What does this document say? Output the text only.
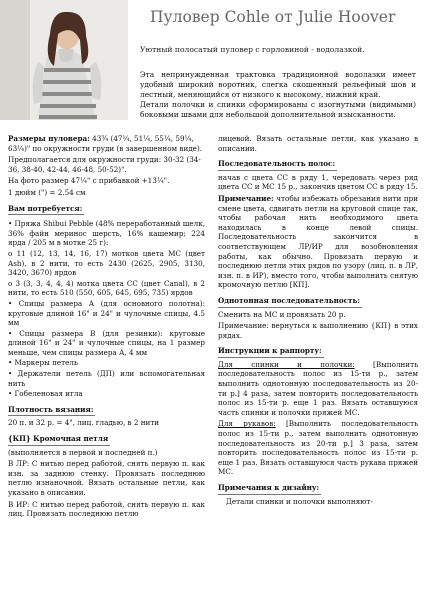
Пуловер Cohle от Julie Hoover
Уютный полосатый пуловер с горловиной - водолазкой.

Эта непринужденная трактовка традиционной водолазки имеет удобный широкий воротник, слегка скошенный рельефный шов и лестный, меняющийся от низкого к высокому, нижний край.

Детали полочки и спинки сформированы с изогнутыми (видимыми) боковыми швами для небольшой дополнительной изысканности.

Размеры пуловера: 43¾ (47¼, 51¼, 55¼, 59¼, 63¼)" по окружности груди (в завершенном виде).

Предполагается для окружности груди: 30-32 (34-36, 38-40, 42-44, 46-48, 50-52)".

На фото размер 47¼" с прибавкой +13¼".

1 дюйм (") = 2.54 см

Вам потребуется:

• Пряжа Shibui Pebble (48% переработанный шелк, 36% файн меринос шерсть, 16% кашемир; 224 ярда / 205 м в мотке 25 г):
о 11 (12, 13, 14, 16, 17) мотков цвета МС (цвет Ash), в 2 нити, то есть 2430 (2625, 2905, 3130, 3420, 3670) ярдов
о 3 (3, 3, 4, 4, 4) мотка цвета СС (цвет Canal), в 2 нити, то есть 510 (550, 605, 645, 695, 735) ярдов
• Спицы размера А (для основного полотна): круговые длиной 16" и 24" и чулочные спицы, 4.5 мм
• Спицы размера В (для резинки): круговые длиной 16" и 24" и чулочные спицы, на 1 размер меньше, чем спицы размера А, 4 мм
• Маркеры петель
• Держатели петель (ДП) или вспомогательная нить
• Гобеленовая игла

Плотность вязания:

20 п. и 32 р. = 4", лиц. гладью, в 2 нити

{КП} Кромочная петля

(выполняется в первой и последней п.)

В ЛР: С нитью перед работой, снять первую п. как изн. за заднюю стенку. Провязать последнюю петлю изнаночной. Вязать остальные петли, как указано в описании.

В ИР: С нитью перед работой, снять первую п. как лиц. Провязать последнюю петлю

лицевой. Вязать остальные петли, как указано в описании.

Последовательность полос:

начав с цвета СС в ряду 1, чередовать через ряд цвета СС и МС 15 р., закончив цветом СС в ряду 15.

Примечание: чтобы избежать обрезания нити при смене цвета, сдвигать петли на круговой спице так, чтобы рабочая нить необходимого цвета находилась в конце левой спицы. Последовательность закончится в соответствующем ЛР/ИР для возобновления работы, как обычно. Провязать первую и последнюю петли этих рядов по узору (лиц. п. в ЛР, изн. п. в ИР), вместо того, чтобы выполнить снятую кромочную петлю [КП].

Однотонная последовательность:

Сменить на МС и провязать 20 р.

Примечание: вернуться к выполнению {КП} в этих рядах.

Инструкции к раппорту:

Для спинки и полочки:	[Выполнить последовательность полос из 15-ти р., затем выполнить однотонную последовательность из 20-ти р.] 4 раза, затем повторить последовательность полос из 15-ти р. еще 1 раз. Вязать оставшуюся часть спинки и полочки пряжей МС.

Для рукавов: [Выполнить последовательность полос из 15-ти р., затем выполнить однотонную последовательность из 20-ти р.] 3 раза, затем повторить последовательность полос из 15-ти р. еще 1 раз. Вязать оставшуюся часть рукава пряжей МС.

Примечания к дизайну:

Детали спинки и полочки выполняют-
